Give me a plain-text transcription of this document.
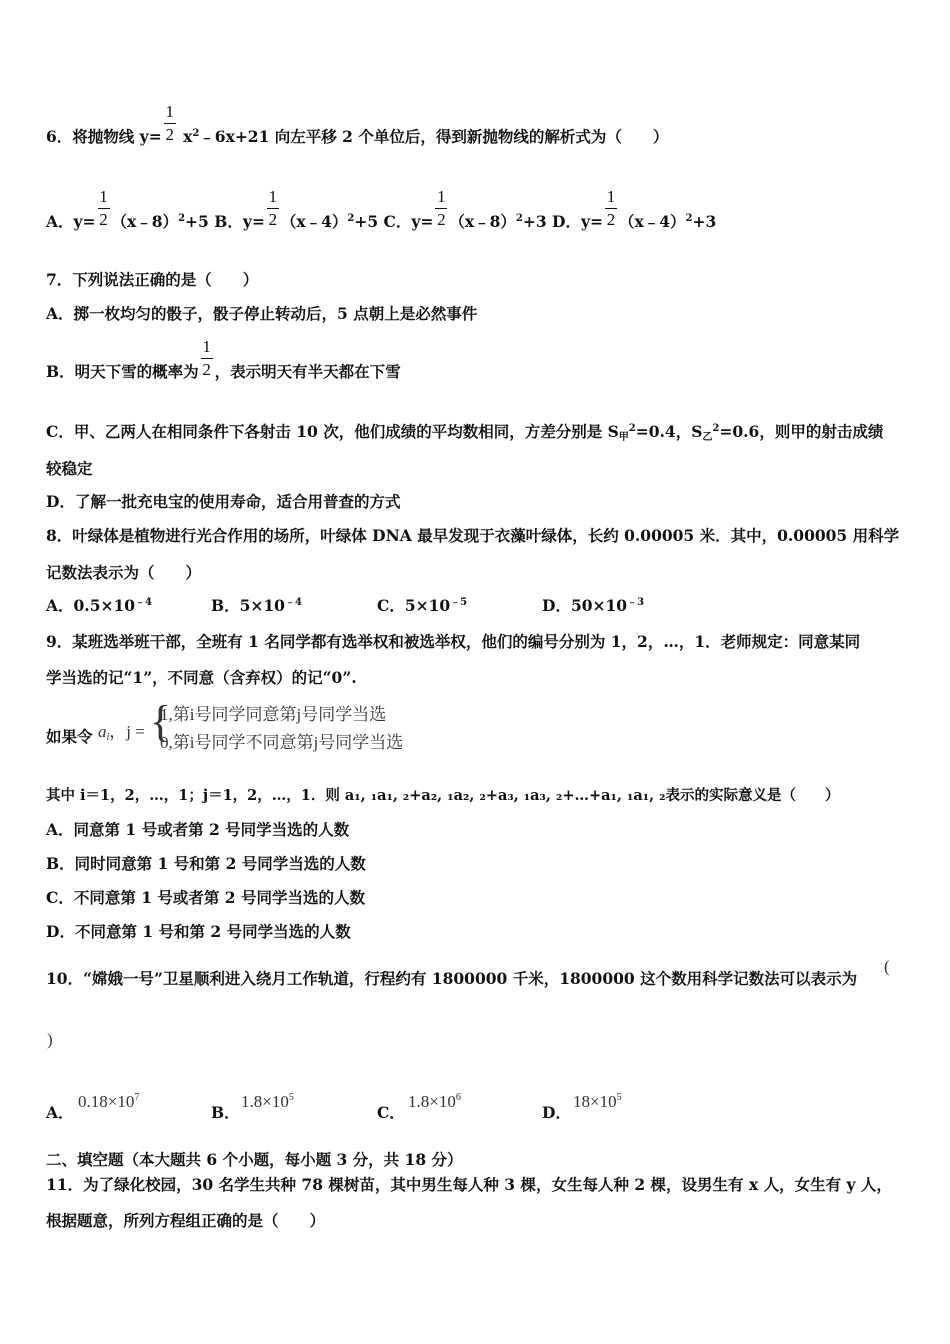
6．将抛物线 $y= \frac{1}{2}$ $x^2﹣6x+21$ 向左平移 2 个单位后，得到新抛物线的解析式为（　　）
A．$y= \frac{1}{2}$ （x﹣8）$^2$+5 B．$y= \frac{1}{2}$ （x﹣4）$^2$+5 C．$y= \frac{1}{2}$ （x﹣8）$^2$+3 D．$y= \frac{1}{2}$ （x﹣4）$^2$+3
7．下列说法正确的是（　　）
A．掷一枚均匀的骰子，骰子停止转动后，5 点朝上是必然事件
B．明天下雪的概率为 $\frac{1}{2}$ ，表示明天有半天都在下雪
C．甲、乙两人在相同条件下各射击 10 次，他们成绩的平均数相同，方差分别是 $S_甲^2=0.4$，$S_乙^2=0.6$，则甲的射击成绩
较稳定
D．了解一批充电宝的使用寿命，适合用普查的方式
8．叶绿体是植物进行光合作用的场所，叶绿体 DNA 最早发现于衣藻叶绿体，长约 0.00005 米．其中，0.00005 用科学
记数法表示为（　　）
A．$0.5\times 10^{﹣4}$	B．$5\times 10^{﹣4}$	C．$5\times 10^{﹣5}$	D．$50\times 10^{﹣3}$
9．某班选举班干部，全班有 1 名同学都有选举权和被选举权，他们的编号分别为 1，2，…，1．老师规定：同意某同
学当选的记“1”，不同意（含弃权）的记“0”.
如果令 $a_i$，j = {
1,第i号同学同意第j号同学当选
0,第i号同学不同意第j号同学当选
其中 i＝1，2，…，1；j＝1，2，…，1．则 a₁, ₁a₁, ₂+a₂, ₁a₂, ₂+a₃, ₁a₃, ₂+…+a₁, ₁a₁, ₂表示的实际意义是（　　）
A．同意第 1 号或者第 2 号同学当选的人数
B．同时同意第 1 号和第 2 号同学当选的人数
C．不同意第 1 号或者第 2 号同学当选的人数
D．不同意第 1 号和第 2 号同学当选的人数
10．“嫦娥一号”卫星顺利进入绕月工作轨道，行程约有 1800000 千米，1800000 这个数用科学记数法可以表示为
(
)
A．
$0.18\times 10^7$
B．
$1.8\times 10^5$
C．
$1.8\times 10^6$
D．
$18\times 10^5$
二、填空题（本大题共 6 个小题，每小题 3 分，共 18 分）
11．为了绿化校园，30 名学生共种 78 棵树苗，其中男生每人种 3 棵，女生每人种 2 棵，设男生有 x 人，女生有 y 人，
根据题意，所列方程组正确的是（　　）
